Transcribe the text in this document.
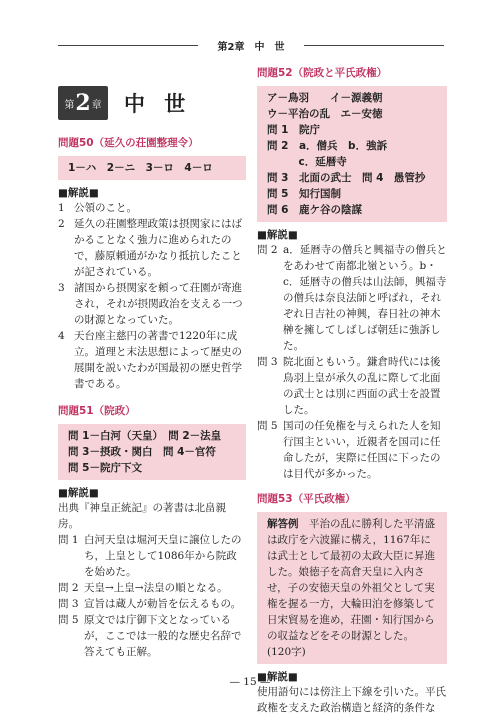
第2章　中　世
第 2 章 中 世
問題50（延久の荘園整理令）
1－ハ　2－ニ　3－ロ　4－ロ
■解説■
1 公領のこと。
2 延久の荘園整理政策は摂関家にはばかることなく強力に進められたので，藤原頼通がかなり抵抗したことが記されている。
3 諸国から摂関家を頼って荘園が寄進され，それが摂関政治を支える一つの財源となっていた。
4 天台座主慈円の著書で1220年に成立。道理と末法思想によって歴史の展開を説いたわが国最初の歴史哲学書である。
問題51（院政）
問 1－白河（天皇）　問 2－法皇
問 3－摂政・関白　問 4－官符
問 5－院庁下文
■解説■
出典『神皇正統記』の著書は北畠親房。
問 1 白河天皇は堀河天皇に譲位したのち，上皇として1086年から院政を始めた。
問 2 天皇→上皇→法皇の順となる。
問 3 宣旨は蔵人が勅旨を伝えるもの。
問 5 原文では庁御下文となっているが，ここでは一般的な歴史名辞で答えても正解。
問題52（院政と平氏政権）
ア－鳥羽　　イ－源義朝
ウ－平治の乱　エ－安徳
問 1　院庁
問 2　a．僧兵　b．強訴
　　　c．延暦寺
問 3　北面の武士　問 4　愚管抄
問 5　知行国制
問 6　鹿ケ谷の陰謀
■解説■
問 2 a．延暦寺の僧兵と興福寺の僧兵とをあわせて南都北嶺という。b・c．延暦寺の僧兵は山法師，興福寺の僧兵は奈良法師と呼ばれ，それぞれ日吉社の神興，春日社の神木榊を擁してしばしば朝廷に強訴した。
問 3 院北面ともいう。鎌倉時代には後鳥羽上皇が承久の乱に際して北面の武士とは別に西面の武士を設置した。
問 5 国司の任免権を与えられた人を知行国主といい，近親者を国司に任命したが，実際に任国に下ったのは目代が多かった。
問題53（平氏政権）
解答例　 平治の乱に勝利した平清盛は政庁を六波羅に構え，1167年には武士として最初の太政大臣に昇進した。娘徳子を高倉天皇に入内させ，子の安徳天皇の外祖父として実権を握る一方，大輪田泊を修築して日宋貿易を進め，荘園・知行国からの収益などをその財源とした。(120字)
■解説■
使用語句には傍注上下線を引いた。平氏政権を支えた政治構造と経済的条件な
— 15 —
